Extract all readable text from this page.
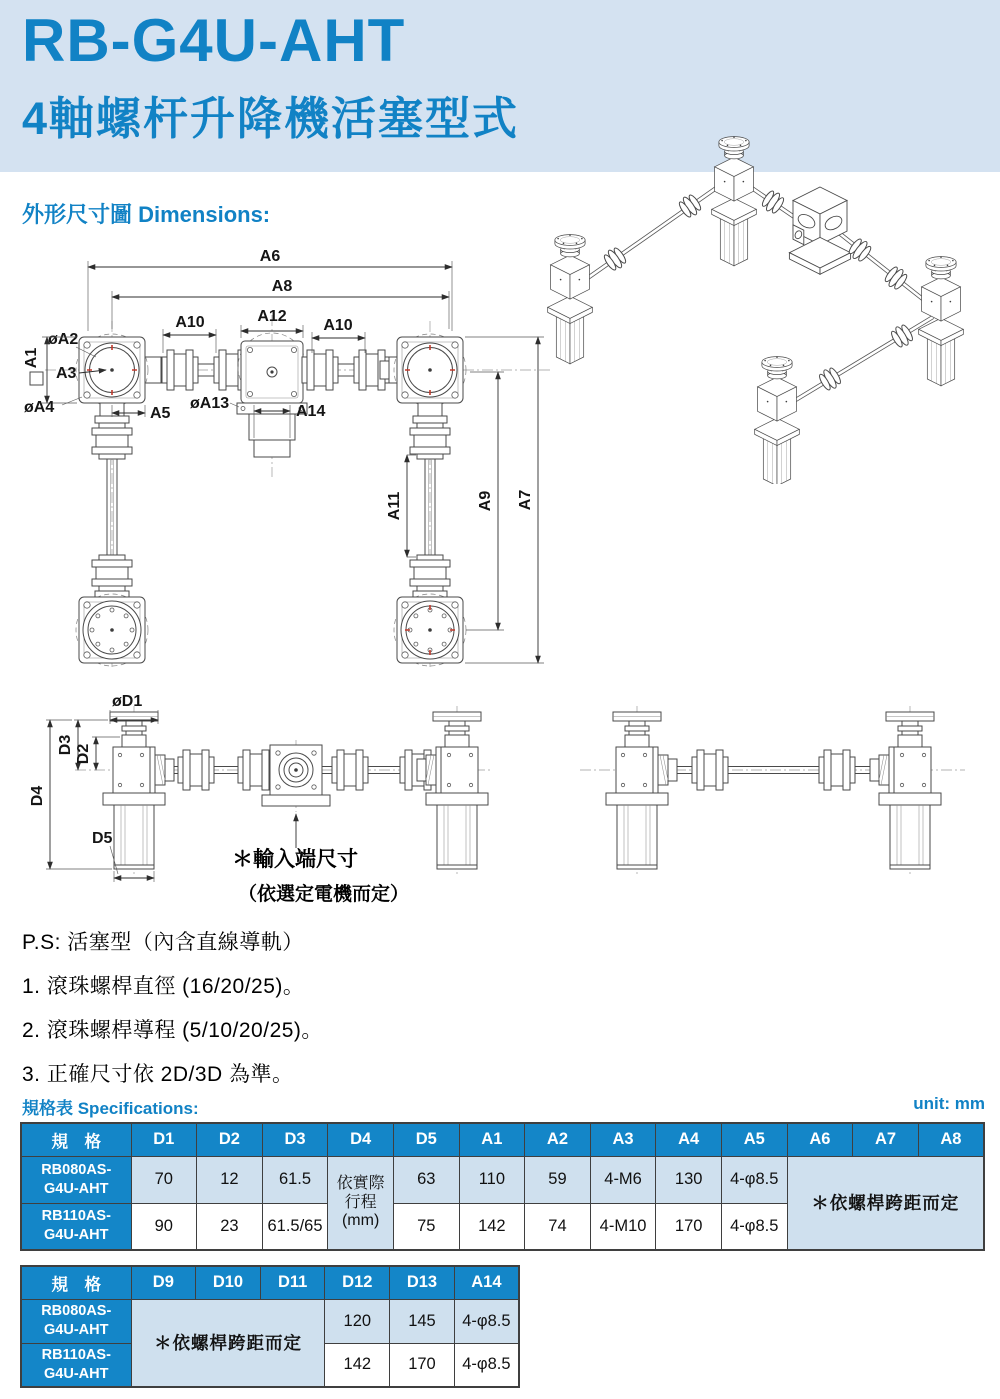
RB-G4U-AHT
4軸螺杆升降機活塞型式
外形尺寸圖 Dimensions:
A6
A8
A10	A12
A10
øA2
A1
A3
øA4	A5
øA13	A14
A11	A9 A7
＊輸入端尺寸
（依選定電機而定）
øD1
D3 D2
D4
D5
P.S: 活塞型（內含直線導軌）
1. 滾珠螺桿直徑 (16/20/25)。
2. 滾珠螺桿導程 (5/10/20/25)。
3. 正確尺寸依 2D/3D 為準。
規格表 Specifications:	unit: mm
規　格	D1	D2	D3	D4	D5	A1	A2	A3	A4	A5	A6	A7	A8

RB080AS-
G4U-AHT	70	12	61.5	依實際
行程
(mm)	63	110	59	4-M6	130	4-φ8.5	＊依螺桿跨距而定		

RB110AS-
G4U-AHT	90	23	61.5/65		75	142	74	4-M10	170	4-φ8.5			
規　格	D9	D10	D11	D12	D13	A14

RB080AS-
G4U-AHT	＊依螺桿跨距而定			120	145	4-φ8.5

RB110AS-
G4U-AHT				142	170	4-φ8.5
